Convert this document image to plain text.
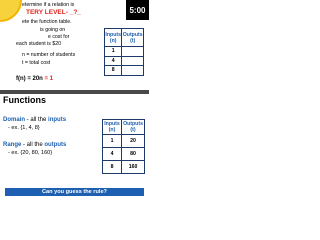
etermine if a relation is
TERY LEVEL- _?_
ete the function table.
is going on
e cost for
each student is $20
n = number of students
t = total cost
f(n) = 20n = 1
5:00
Inputs (n)	Outputs (t)
1	
4	
8	
Functions
Domain - all the inputs
- ex. {1, 4, 8}
Range - all the outputs
- ex. {20, 80, 160}
Inputs (n)	Outputs (t)
1	20
4	80
8	160
Can you guess the rule?
